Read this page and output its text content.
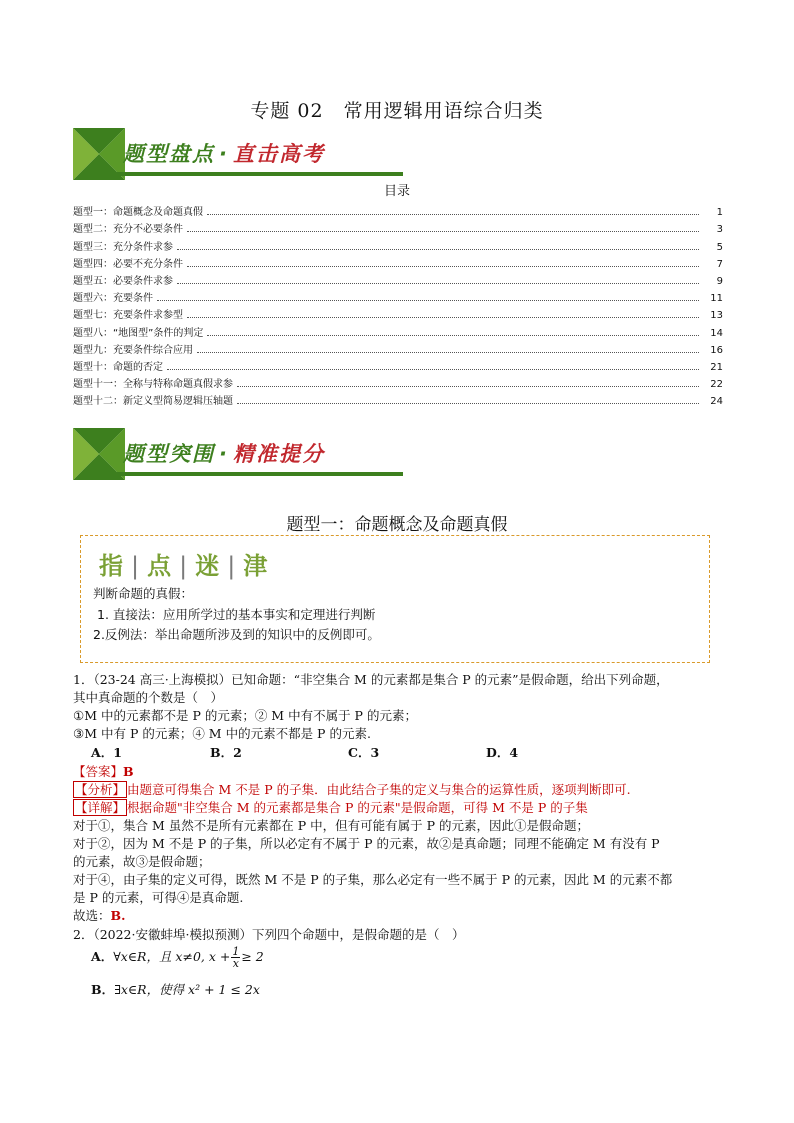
专题 02　常用逻辑用语综合归类
题型盘点 · 直击高考
目录
题型一：命题概念及命题真假	1
题型二：充分不必要条件	3
题型三：充分条件求参	5
题型四：必要不充分条件	7
题型五：必要条件求参	9
题型六：充要条件	11
题型七：充要条件求参型	13
题型八：“地图型”条件的判定	14
题型九：充要条件综合应用	16
题型十：命题的否定	21
题型十一：全称与特称命题真假求参	22
题型十二：新定义型简易逻辑压轴题	24
题型突围 · 精准提分
题型一：命题概念及命题真假
指 | 点 | 迷 | 津
判断命题的真假：
1. 直接法：应用所学过的基本事实和定理进行判断
2.反例法：举出命题所涉及到的知识中的反例即可。
1．（23-24 高三·上海模拟）已知命题：“非空集合 M 的元素都是集合 P 的元素”是假命题，给出下列命题，
其中真命题的个数是（　）
①M 中的元素都不是 P 的元素；② M 中有不属于 P 的元素；
③M 中有 P 的元素；④ M 中的元素不都是 P 的元素.
A．1	B．2	C．3	D．4
【答案】B
【分析】 由题意可得集合 M 不是 P 的子集．由此结合子集的定义与集合的运算性质，逐项判断即可.
【详解】 根据命题"非空集合 M 的元素都是集合 P 的元素"是假命题，可得 M 不是 P 的子集
对于①，集合 M 虽然不是所有元素都在 P 中，但有可能有属于 P 的元素，因此①是假命题；
对于②，因为 M 不是 P 的子集，所以必定有不属于 P 的元素，故②是真命题；同理不能确定 M 有没有 P
的元素，故③是假命题；
对于④，由子集的定义可得，既然 M 不是 P 的子集，那么必定有一些不属于 P 的元素，因此 M 的元素不都
是 P 的元素，可得④是真命题.
故选：B.
2．（2022·安徽蚌埠·模拟预测）下列四个命题中，是假命题的是（　）
A．∀x∈R，且 x≠0, $x + \frac{1}{x} \ge 2$
B．∃x∈R，使得 x² + 1 ≤ 2x
